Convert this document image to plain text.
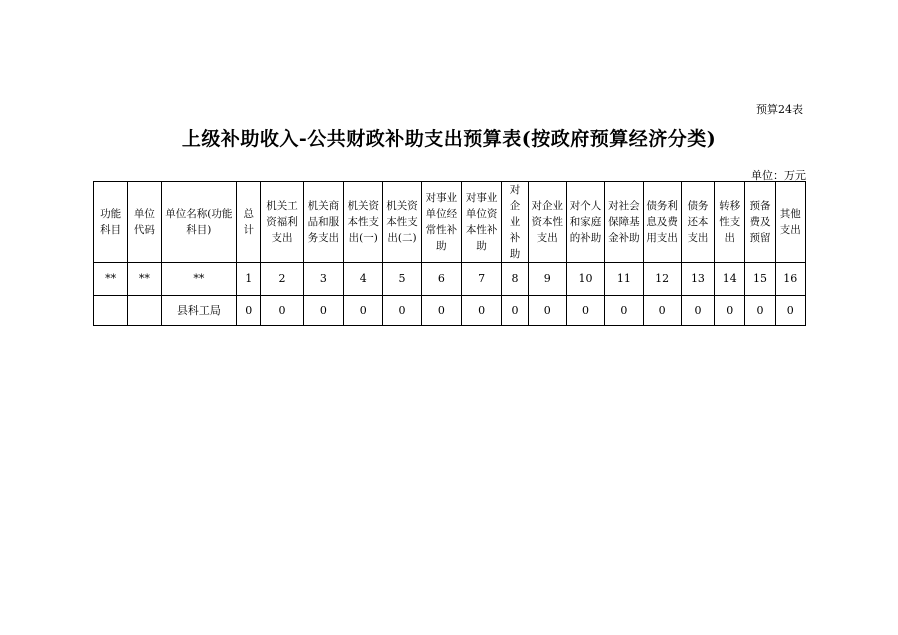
预算24表
上级补助收入-公共财政补助支出预算表(按政府预算经济分类)
单位：万元
功能科目	单位代码	单位名称(功能科目)	总计	机关工资福利支出	机关商品和服务支出	机关资本性支出(一)	机关资本性支出(二)	对事业单位经常性补助	对事业单位资本性补助	对企业补助	对企业资本性支出	对个人和家庭的补助	对社会保障基金补助	债务利息及费用支出	债务还本支出	转移性支出	预备费及预留	其他支出
**	**	**	1	2	3	4	5	6	7	8	9	10	11	12	13	14	15	16
		县科工局	0	0	0	0	0	0	0	0	0	0	0	0	0	0	0	0
